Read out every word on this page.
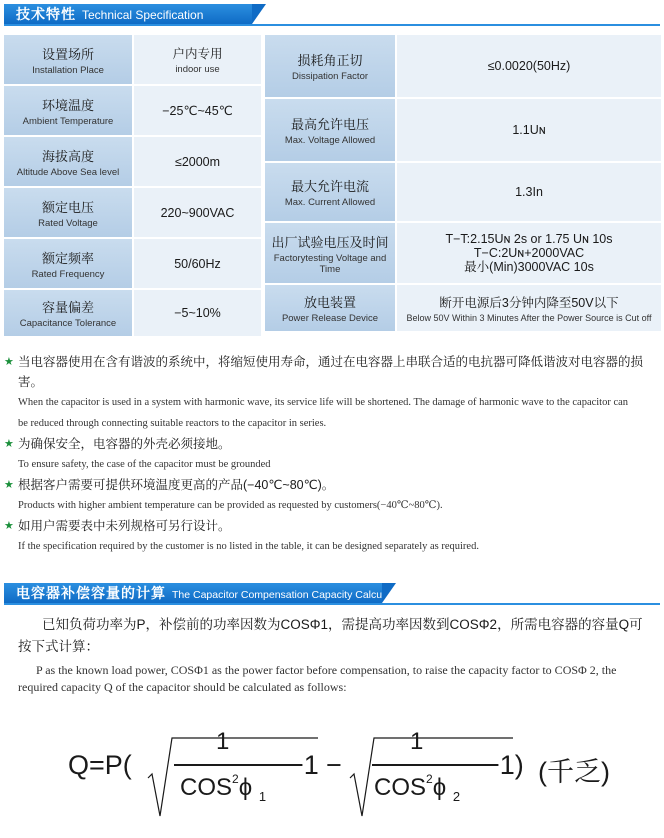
技术特性 Technical Specification
设置场所
Installation Place
户内专用
indoor use
环境温度
Ambient Temperature
−25℃~45℃
海拔高度
Altitude Above Sea level
≤2000m
额定电压
Rated Voltage
220~900VAC
额定频率
Rated Frequency
50/60Hz
容量偏差
Capacitance Tolerance
−5~10%
损耗角正切
Dissipation Factor
≤0.0020(50Hz)
最高允许电压
Max. Voltage Allowed
1.1Uɴ
最大允许电流
Max. Current Allowed
1.3In
出厂试验电压及时间
Factorytesting Voltage and Time
T−T:2.15Uɴ 2s or 1.75 Uɴ 10s
T−C:2Uɴ+2000VAC
最小(Min)3000VAC 10s
放电装置
Power Release Device
断开电源后3分钟内降至50V以下
Below 50V Within 3 Minutes After the Power Source is Cut off
★ 当电容器使用在含有谐波的系统中，将缩短使用寿命，通过在电容器上串联合适的电抗器可降低谐波对电容器的损害。
When the capacitor is used in a system with harmonic wave, its service life will be shortened. The damage of harmonic wave to the capacitor can
be reduced through connecting suitable reactors to the capacitor in series.
★ 为确保安全，电容器的外壳必须接地。
To ensure safety, the case of the capacitor must be grounded
★ 根据客户需要可提供环境温度更高的产品(−40℃~80℃)。
Products with higher ambient temperature can be provided as requested by customers(−40℃~80℃).
★ 如用户需要表中未列规格可另行设计。
If the specification required by the customer is no listed in the table, it can be designed separately as required.
电容器补偿容量的计算 The Capacitor Compensation Capacity Calculation Formula
已知负荷功率为P，补偿前的功率因数为COSΦ1，需提高功率因数到COSΦ2，所需电容器的容量Q可按下式计算：
P as the known load power, COSΦ1 as the power factor before compensation, to raise the capacity factor to COSΦ 2, the required capacity Q of the capacitor should be calculated as follows:
Q=P(
1
COS$^2$ϕ $_1$
−1 −
1
COS$^2$ϕ $_2$
−1) (千乏)
